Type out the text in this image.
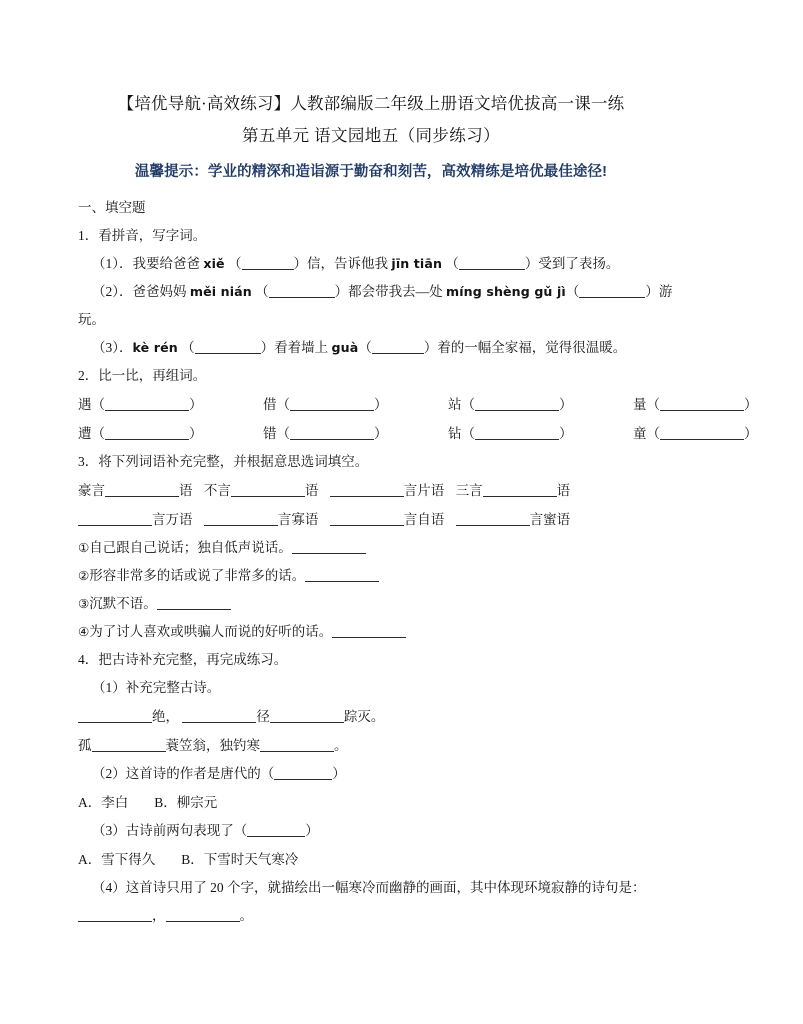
【培优导航·高效练习】人教部编版二年级上册语文培优拔高一课一练
第五单元 语文园地五（同步练习）
温馨提示：学业的精深和造诣源于勤奋和刻苦，高效精练是培优最佳途径!
一、填空题
1．看拼音，写字词。
（1）．我要给爸爸 xiě （	）信，告诉他我 jīn tiān （	）受到了表扬。
（2）．爸爸妈妈 měi nián （	）都会带我去—处 míng shèng gǔ jì（	）游
玩。
（3）．kè rén （	）看着墙上 guà（	）着的一幅全家福，觉得很温暖。
2．比一比，再组词。
遇（	）	借（	）	站（	）	量（	）
遭（	）	错（	）	钻（	）	童（	）
3．将下列词语补充完整，并根据意思选词填空。
豪言	语 不言	语	言片语 三言	语
言万语	言寡语	言自语	言蜜语
①自己跟自己说话；独自低声说话。
②形容非常多的话或说了非常多的话。
③沉默不语。
④为了讨人喜欢或哄骗人而说的好听的话。
4．把古诗补充完整，再完成练习。
（1）补充完整古诗。
绝，	径	踪灭。
孤	蓑笠翁，独钓寒	。
（2）这首诗的作者是唐代的（	）
A．李白 B．柳宗元
（3）古诗前两句表现了（	）
A．雪下得久 B．下雪时天气寒冷
（4）这首诗只用了 20 个字，就描绘出一幅寒冷而幽静的画面，其中体现环境寂静的诗句是：
，	。
